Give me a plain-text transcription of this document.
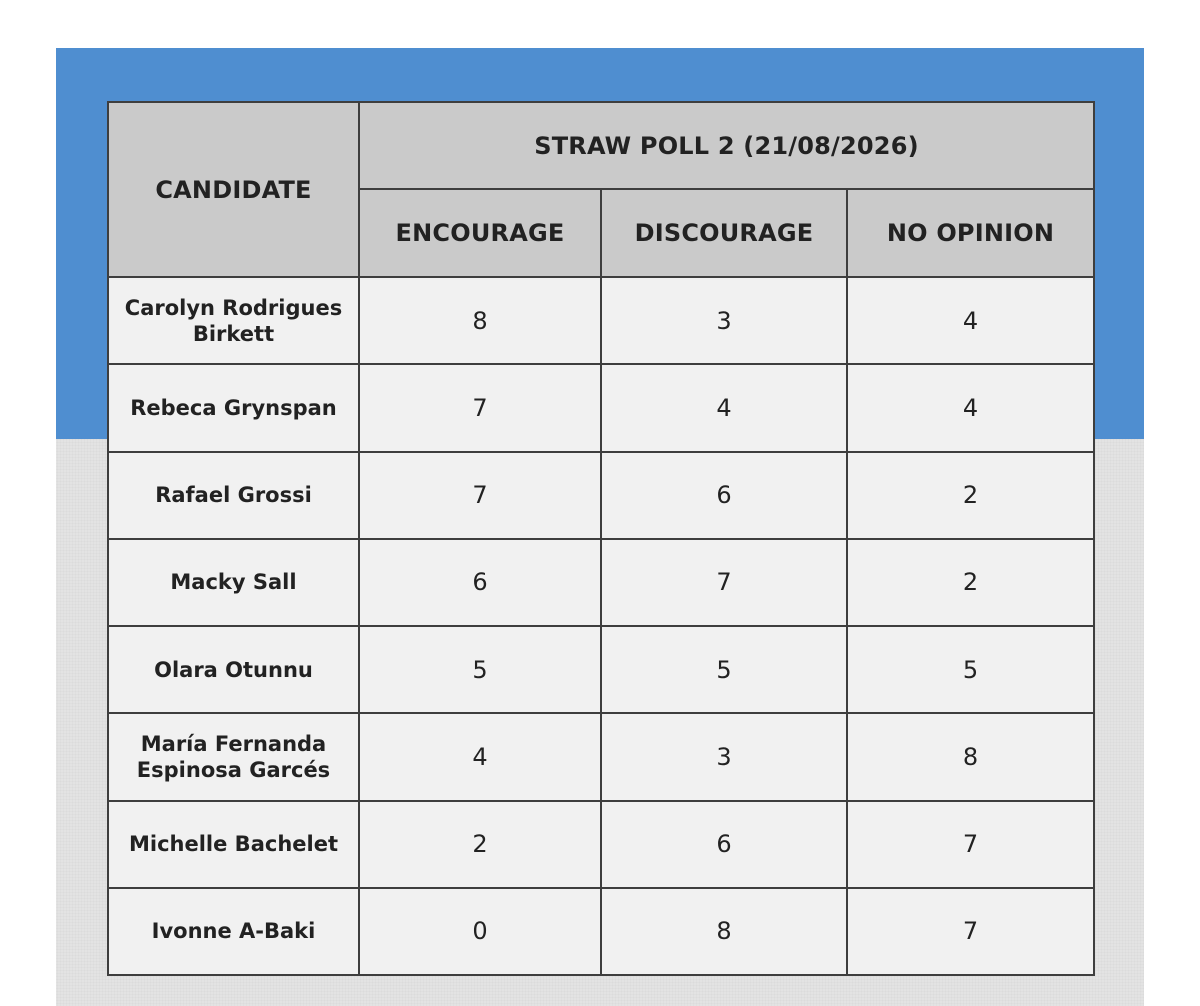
CANDIDATE	STRAW POLL 2 (21/08/2026)		
	ENCOURAGE	DISCOURAGE	NO OPINION
Carolyn Rodrigues Birkett	8	3	4
Rebeca Grynspan	7	4	4
Rafael Grossi	7	6	2
Macky Sall	6	7	2
Olara Otunnu	5	5	5
María Fernanda Espinosa Garcés	4	3	8
Michelle Bachelet	2	6	7
Ivonne A-Baki	0	8	7
